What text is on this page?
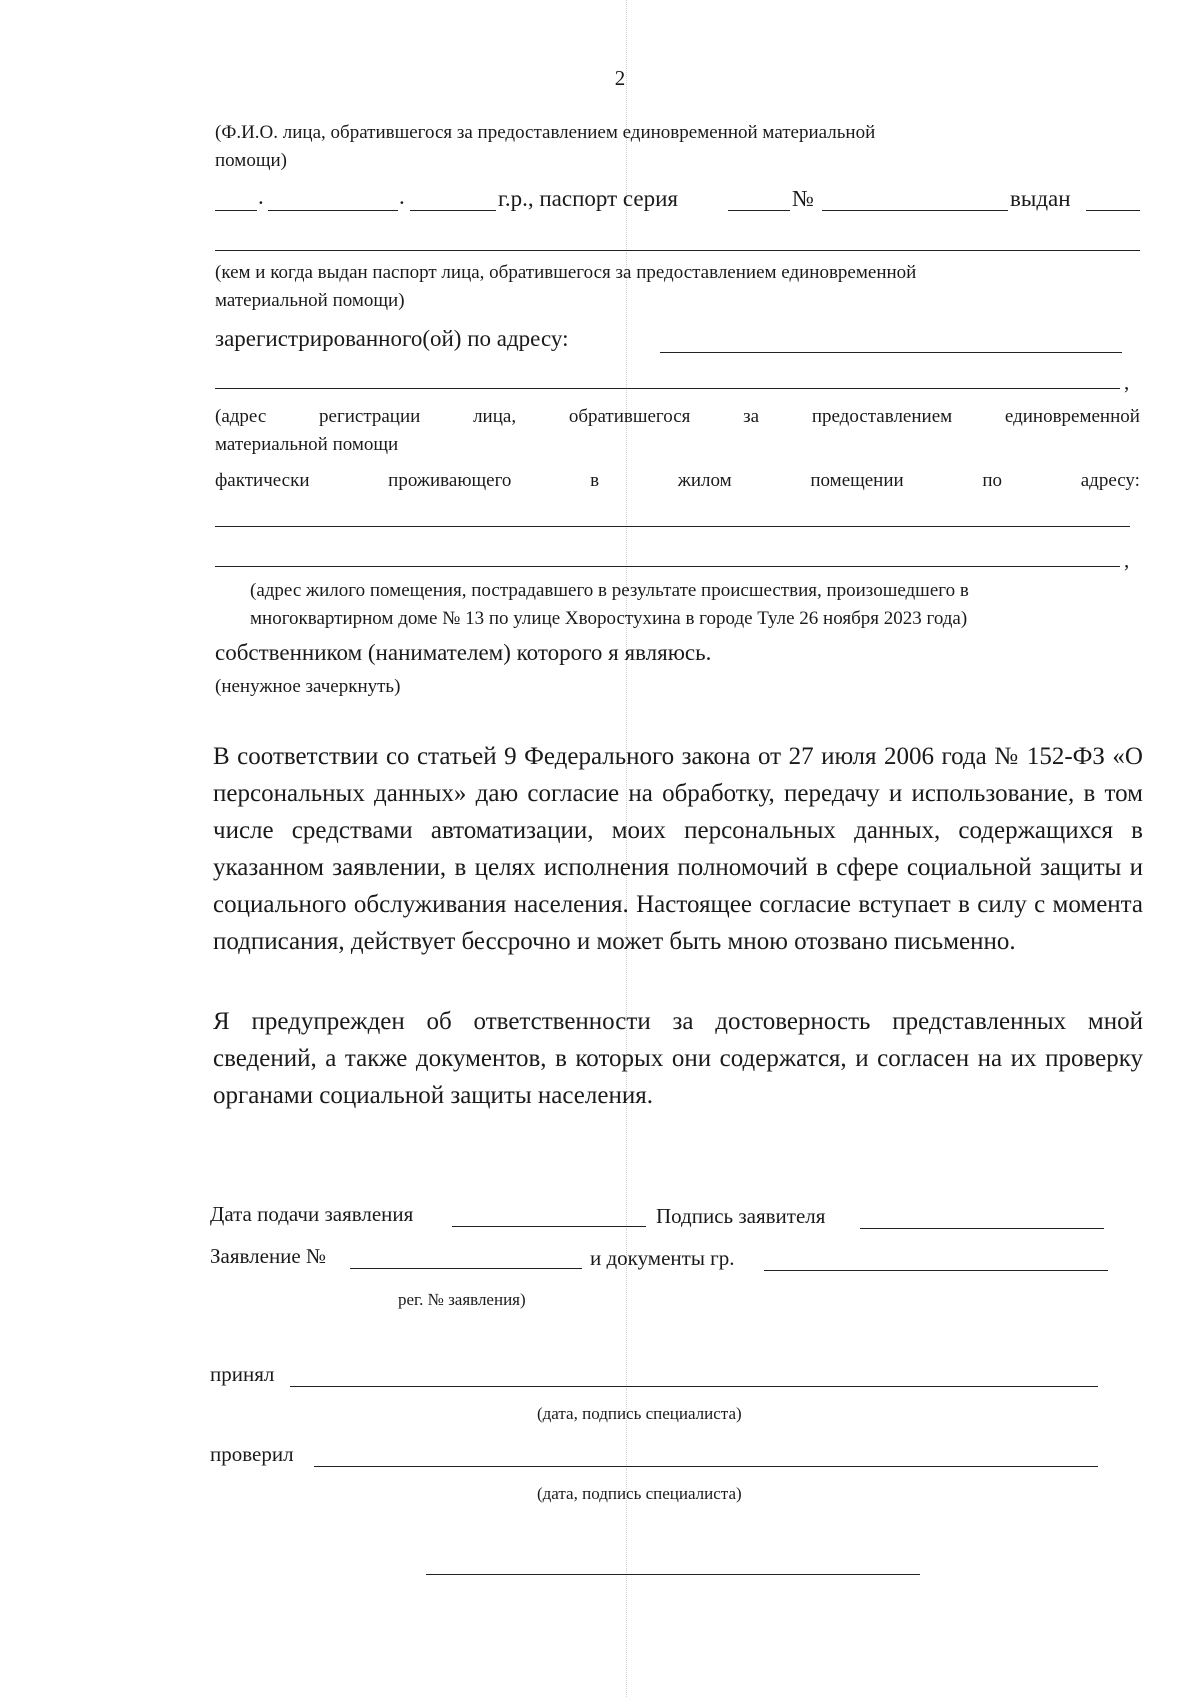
2
(Ф.И.О. лица, обратившегося за предоставлением единовременной материальной
помощи)
.	.	г.р., паспорт серия	№	выдан
(кем и когда выдан паспорт лица, обратившегося за предоставлением единовременной
материальной помощи)
зарегистрированного(ой) по адресу:
,
(адрес	регистрации	лица,	обратившегося	за	предоставлением	единовременной
материальной помощи
фактически	проживающего	в	жилом	помещении	по	адресу:
,
(адрес жилого помещения, пострадавшего в результате происшествия, произошедшего в
многоквартирном доме № 13 по улице Хворостухина в городе Туле 26 ноября 2023 года)
собственником (нанимателем) которого я являюсь.
(ненужное зачеркнуть)
В соответствии со статьей 9 Федерального закона от 27 июля 2006 года № 152-ФЗ «О персональных данных» даю согласие на обработку, передачу и использование, в том числе средствами автоматизации, моих персональных данных, содержащихся в указанном заявлении, в целях исполнения полномочий в сфере социальной защиты и социального обслуживания населения. Настоящее согласие вступает в силу с момента подписания, действует бессрочно и может быть мною отозвано письменно.
Я предупрежден об ответственности за достоверность представленных мной сведений, а также документов, в которых они содержатся, и согласен на их проверку органами социальной защиты населения.
Дата подачи заявления	Подпись заявителя
Заявление №	и документы гр.
рег. № заявления)
принял
(дата, подпись специалиста)
проверил
(дата, подпись специалиста)
